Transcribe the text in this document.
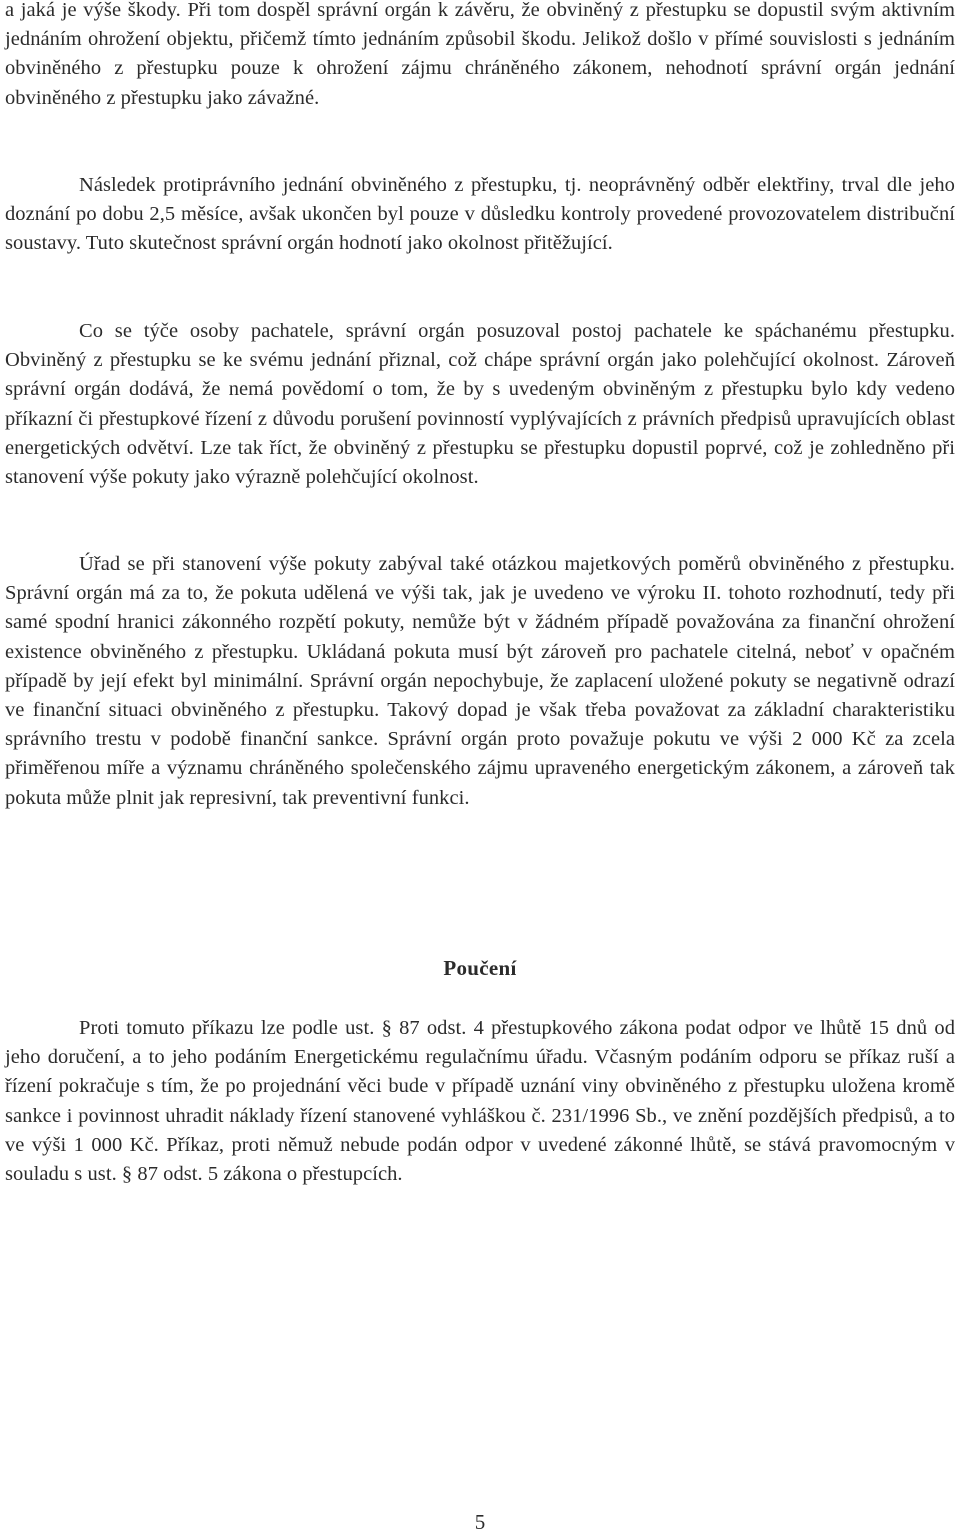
a jaká je výše škody. Při tom dospěl správní orgán k závěru, že obviněný z přestupku se dopustil svým aktivním jednáním ohrožení objektu, přičemž tímto jednáním způsobil škodu. Jelikož došlo v přímé souvislosti s jednáním obviněného z přestupku pouze k ohrožení zájmu chráněného zákonem, nehodnotí správní orgán jednání obviněného z přestupku jako závažné.

Následek protiprávního jednání obviněného z přestupku, tj. neoprávněný odběr elektřiny, trval dle jeho doznání po dobu 2,5 měsíce, avšak ukončen byl pouze v důsledku kontroly provedené provozovatelem distribuční soustavy. Tuto skutečnost správní orgán hodnotí jako okolnost přitěžující.

Co se týče osoby pachatele, správní orgán posuzoval postoj pachatele ke spáchanému přestupku. Obviněný z přestupku se ke svému jednání přiznal, což chápe správní orgán jako polehčující okolnost. Zároveň správní orgán dodává, že nemá povědomí o tom, že by s uvedeným obviněným z přestupku bylo kdy vedeno příkazní či přestupkové řízení z důvodu porušení povinností vyplývajících z právních předpisů upravujících oblast energetických odvětví. Lze tak říct, že obviněný z přestupku se přestupku dopustil poprvé, což je zohledněno při stanovení výše pokuty jako výrazně polehčující okolnost.

Úřad se při stanovení výše pokuty zabýval také otázkou majetkových poměrů obviněného z přestupku. Správní orgán má za to, že pokuta udělená ve výši tak, jak je uvedeno ve výroku II. tohoto rozhodnutí, tedy při samé spodní hranici zákonného rozpětí pokuty, nemůže být v žádném případě považována za finanční ohrožení existence obviněného z přestupku. Ukládaná pokuta musí být zároveň pro pachatele citelná, neboť v opačném případě by její efekt byl minimální. Správní orgán nepochybuje, že zaplacení uložené pokuty se negativně odrazí ve finanční situaci obviněného z přestupku. Takový dopad je však třeba považovat za základní charakteristiku správního trestu v podobě finanční sankce. Správní orgán proto považuje pokutu ve výši 2 000 Kč za zcela přiměřenou míře a významu chráněného společenského zájmu upraveného energetickým zákonem, a zároveň tak pokuta může plnit jak represivní, tak preventivní funkci.

Poučení

Proti tomuto příkazu lze podle ust. § 87 odst. 4 přestupkového zákona podat odpor ve lhůtě 15 dnů od jeho doručení, a to jeho podáním Energetickému regulačnímu úřadu. Včasným podáním odporu se příkaz ruší a řízení pokračuje s tím, že po projednání věci bude v případě uznání viny obviněného z přestupku uložena kromě sankce i povinnost uhradit náklady řízení stanovené vyhláškou č. 231/1996 Sb., ve znění pozdějších předpisů, a to ve výši 1 000 Kč. Příkaz, proti němuž nebude podán odpor v uvedené zákonné lhůtě, se stává pravomocným v souladu s ust. § 87 odst. 5 zákona o přestupcích.

5
